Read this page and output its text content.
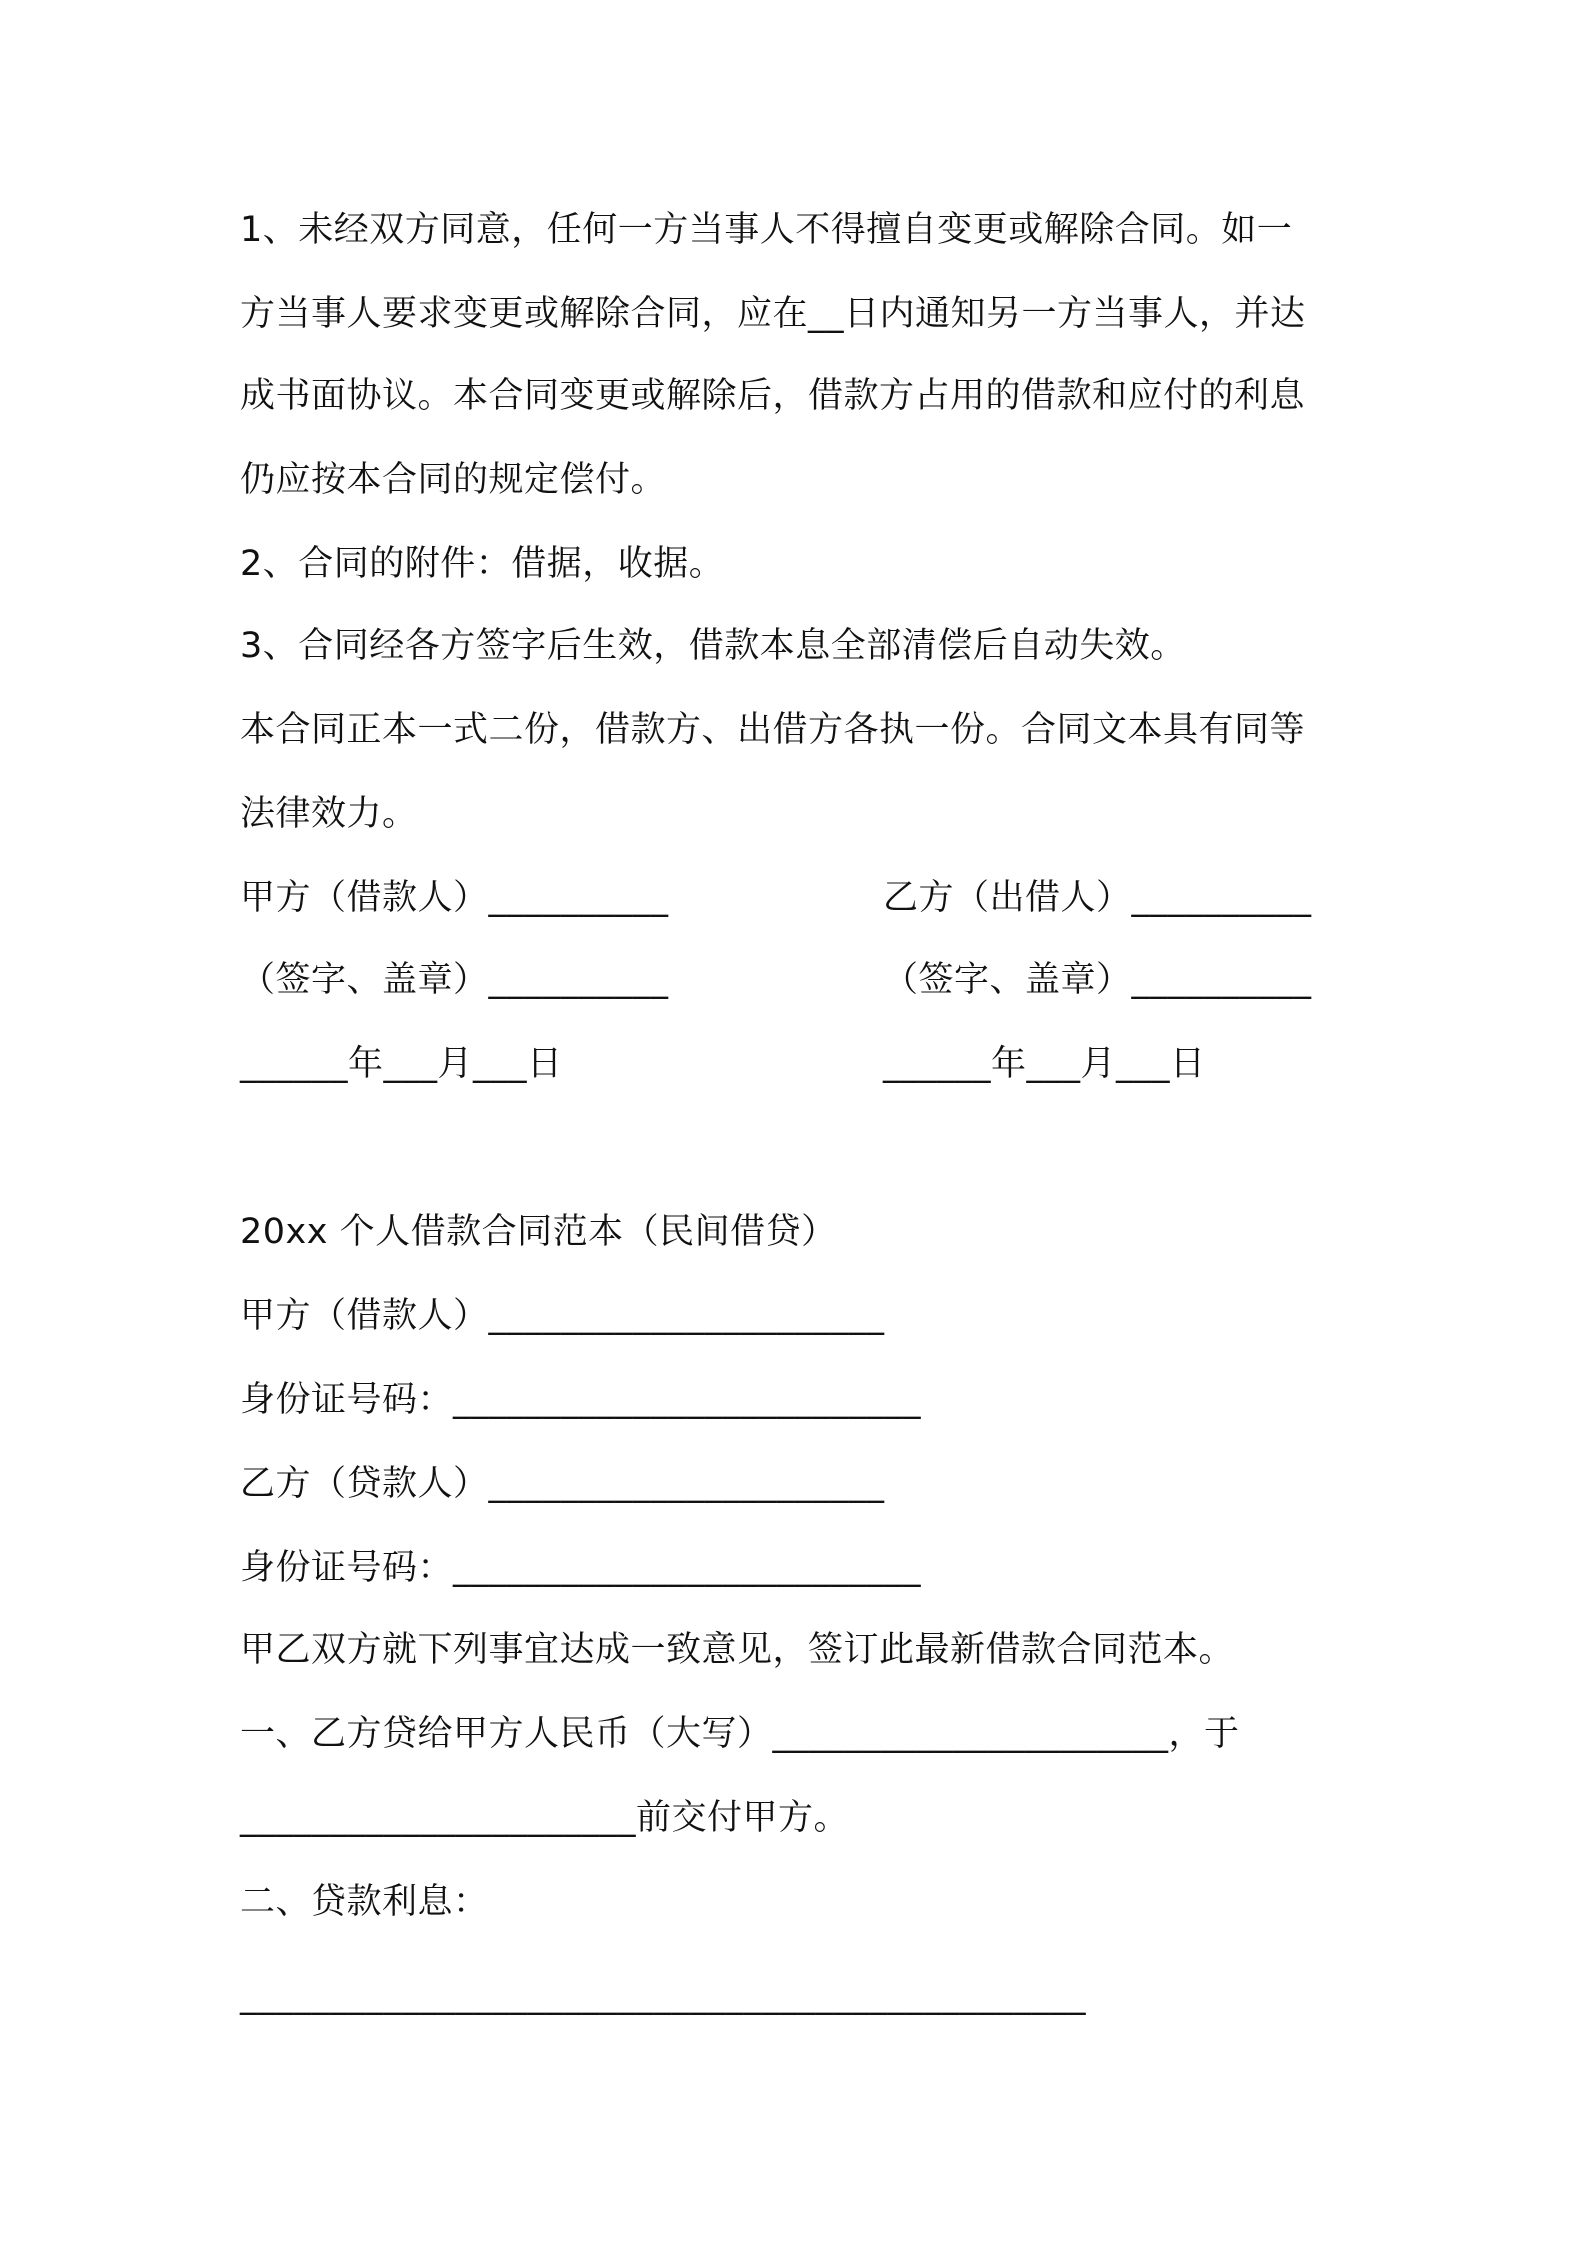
1、未经双方同意，任何一方当事人不得擅自变更或解除合同。如一
方当事人要求变更或解除合同，应在__日内通知另一方当事人，并达
成书面协议。本合同变更或解除后，借款方占用的借款和应付的利息
仍应按本合同的规定偿付。
2、合同的附件：借据，收据。
3、合同经各方签字后生效，借款本息全部清偿后自动失效。
本合同正本一式二份，借款方、出借方各执一份。合同文本具有同等
法律效力。
甲方（借款人）__________	乙方（出借人）__________
（签字、盖章）__________	（签字、盖章）__________
______年___月___日	______年___月___日
20xx 个人借款合同范本（民间借贷）
甲方（借款人）______________________
身份证号码：__________________________
乙方（贷款人）______________________
身份证号码：__________________________
甲乙双方就下列事宜达成一致意见，签订此最新借款合同范本。
一、乙方贷给甲方人民币（大写）______________________，于
______________________前交付甲方。
二、贷款利息：
_______________________________________________
